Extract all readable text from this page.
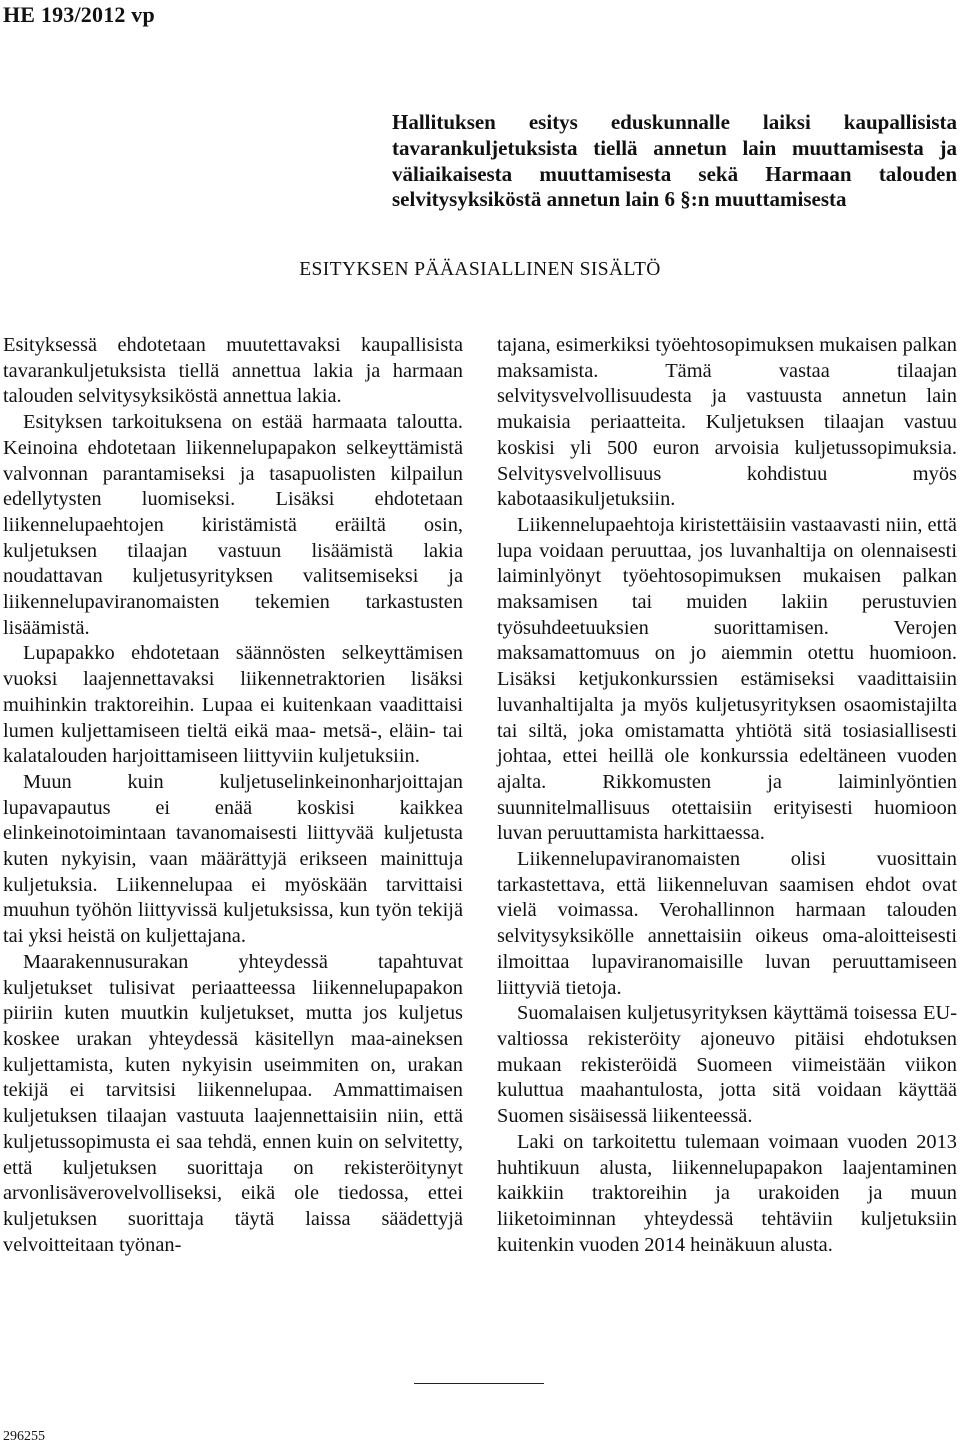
HE 193/2012 vp
Hallituksen esitys eduskunnalle laiksi kaupallisista tavarankuljetuksista tiellä annetun lain muuttamisesta ja väliaikaisesta muuttamisesta sekä Harmaan talouden selvitysyksiköstä annetun lain 6 §:n muuttamisesta
ESITYKSEN PÄÄASIALLINEN SISÄLTÖ

Esityksessä ehdotetaan muutettavaksi kaupallisista tavarankuljetuksista tiellä annettua lakia ja harmaan talouden selvitysyksiköstä annettua lakia.

Esityksen tarkoituksena on estää harmaata taloutta. Keinoina ehdotetaan liikennelupapakon selkeyttämistä valvonnan parantamiseksi ja tasapuolisten kilpailun edellytysten luomiseksi. Lisäksi ehdotetaan liikennelupaehtojen kiristämistä eräiltä osin, kuljetuksen tilaajan vastuun lisäämistä lakia noudattavan kuljetusyrityksen valitsemiseksi ja liikennelupaviranomaisten tekemien tarkastusten lisäämistä.

Lupapakko ehdotetaan säännösten selkeyttämisen vuoksi laajennettavaksi liikennetraktorien lisäksi muihinkin traktoreihin. Lupaa ei kuitenkaan vaadittaisi lumen kuljettamiseen tieltä eikä maa- metsä-, eläin- tai kalatalouden harjoittamiseen liittyviin kuljetuksiin.

Muun kuin kuljetuselinkeinonharjoittajan lupavapautus ei enää koskisi kaikkea elinkeinotoimintaan tavanomaisesti liittyvää kuljetusta kuten nykyisin, vaan määrättyjä erikseen mainittuja kuljetuksia. Liikennelupaa ei myöskään tarvittaisi muuhun työhön liittyvissä kuljetuksissa, kun työn tekijä tai yksi heistä on kuljettajana.

Maarakennusurakan yhteydessä tapahtuvat kuljetukset tulisivat periaatteessa liikennelupapakon piiriin kuten muutkin kuljetukset, mutta jos kuljetus koskee urakan yhteydessä käsitellyn maa-aineksen kuljettamista, kuten nykyisin useimmiten on, urakan tekijä ei tarvitsisi liikennelupaa. Ammattimaisen kuljetuksen tilaajan vastuuta laajennettaisiin niin, että kuljetussopimusta ei saa tehdä, ennen kuin on selvitetty, että kuljetuksen suorittaja on rekisteröitynyt arvonlisäverovelvolliseksi, eikä ole tiedossa, ettei kuljetuksen suorittaja täytä laissa säädettyjä velvoitteitaan työnan-

tajana, esimerkiksi työehtosopimuksen mukaisen palkan maksamista. Tämä vastaa tilaajan selvitysvelvollisuudesta ja vastuusta annetun lain mukaisia periaatteita. Kuljetuksen tilaajan vastuu koskisi yli 500 euron arvoisia kuljetussopimuksia. Selvitysvelvollisuus kohdistuu myös kabotaasikuljetuksiin.

Liikennelupaehtoja kiristettäisiin vastaavasti niin, että lupa voidaan peruuttaa, jos luvanhaltija on olennaisesti laiminlyönyt työehtosopimuksen mukaisen palkan maksamisen tai muiden lakiin perustuvien työsuhdeetuuksien suorittamisen. Verojen maksamattomuus on jo aiemmin otettu huomioon. Lisäksi ketjukonkurssien estämiseksi vaadittaisiin luvanhaltijalta ja myös kuljetusyrityksen osaomistajilta tai siltä, joka omistamatta yhtiötä sitä tosiasiallisesti johtaa, ettei heillä ole konkurssia edeltäneen vuoden ajalta. Rikkomusten ja laiminlyöntien suunnitelmallisuus otettaisiin erityisesti huomioon luvan peruuttamista harkittaessa.

Liikennelupaviranomaisten olisi vuosittain tarkastettava, että liikenneluvan saamisen ehdot ovat vielä voimassa. Verohallinnon harmaan talouden selvitysyksikölle annettaisiin oikeus oma-aloitteisesti ilmoittaa lupaviranomaisille luvan peruuttamiseen liittyviä tietoja.

Suomalaisen kuljetusyrityksen käyttämä toisessa EU-valtiossa rekisteröity ajoneuvo pitäisi ehdotuksen mukaan rekisteröidä Suomeen viimeistään viikon kuluttua maahantulosta, jotta sitä voidaan käyttää Suomen sisäisessä liikenteessä.

Laki on tarkoitettu tulemaan voimaan vuoden 2013 huhtikuun alusta, liikennelupapakon laajentaminen kaikkiin traktoreihin ja urakoiden ja muun liiketoiminnan yhteydessä tehtäviin kuljetuksiin kuitenkin vuoden 2014 heinäkuun alusta.

296255
